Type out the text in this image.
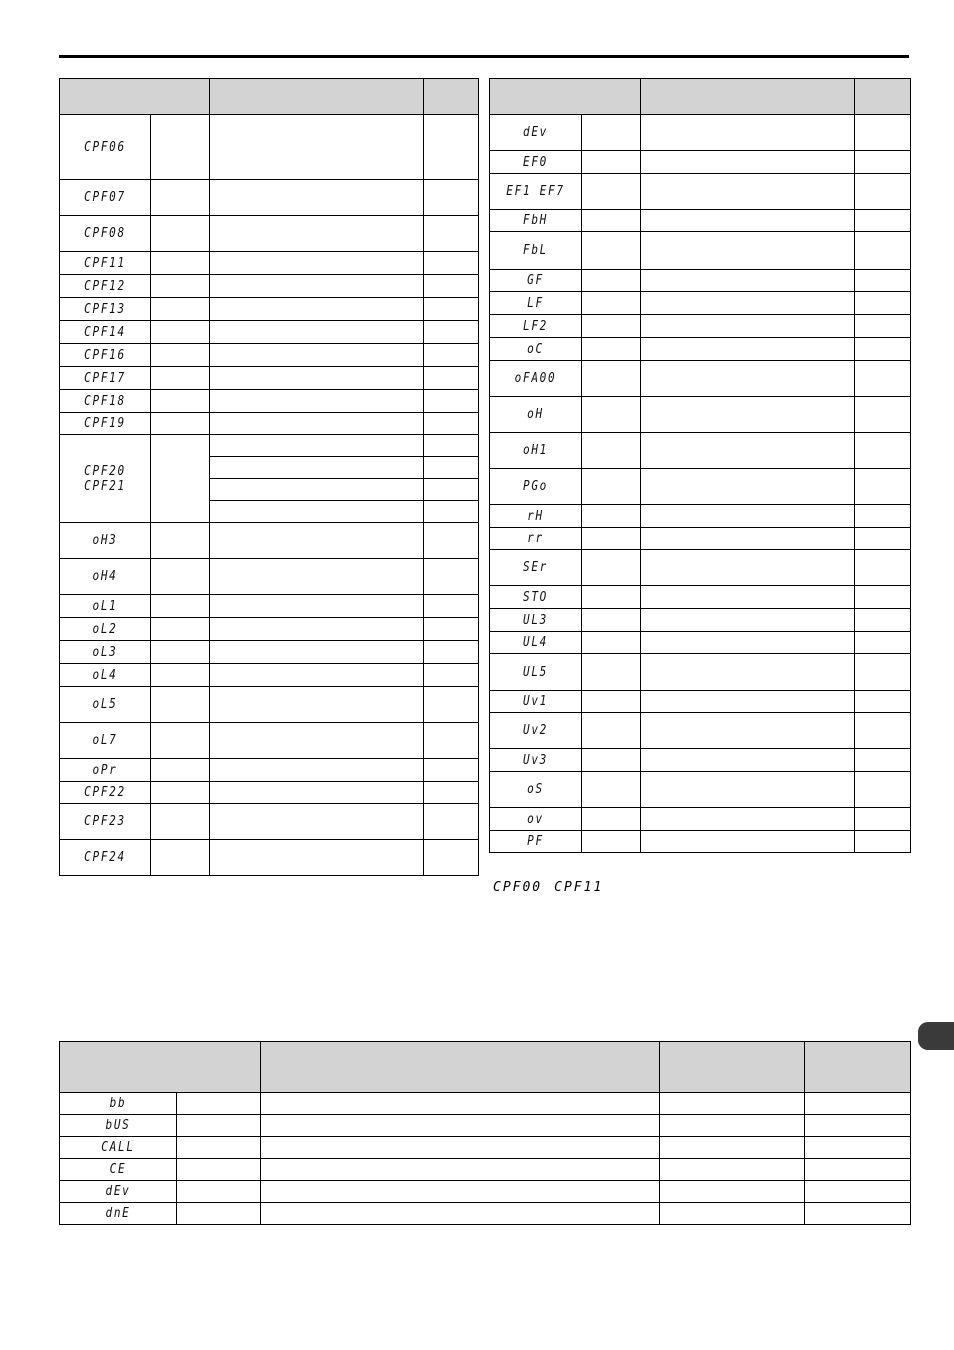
CPF06			

CPF07			

CPF08			

CPF11			

CPF12			

CPF13			

CPF14			

CPF16			

CPF17			

CPF18			

CPF19			

CPF20
CPF21			

oH3			

oH4			

oL1			

oL2			

oL3			

oL4			

oL5			

oL7			

oPr			

CPF22			

CPF23			

CPF24			

dEv			

EF0			

EF1 EF7			

FbH			

FbL			

GF			

LF			

LF2			

oC			

oFA00			

oH			

oH1			

PGo			

rH			

rr			

SEr			

STO			

UL3			

UL4			

UL5			

Uv1			

Uv2			

Uv3			

oS			

ov			

PF			

CPF00 CPF11

bb				

bUS				

CALL				

CE				

dEv				

dnE				
